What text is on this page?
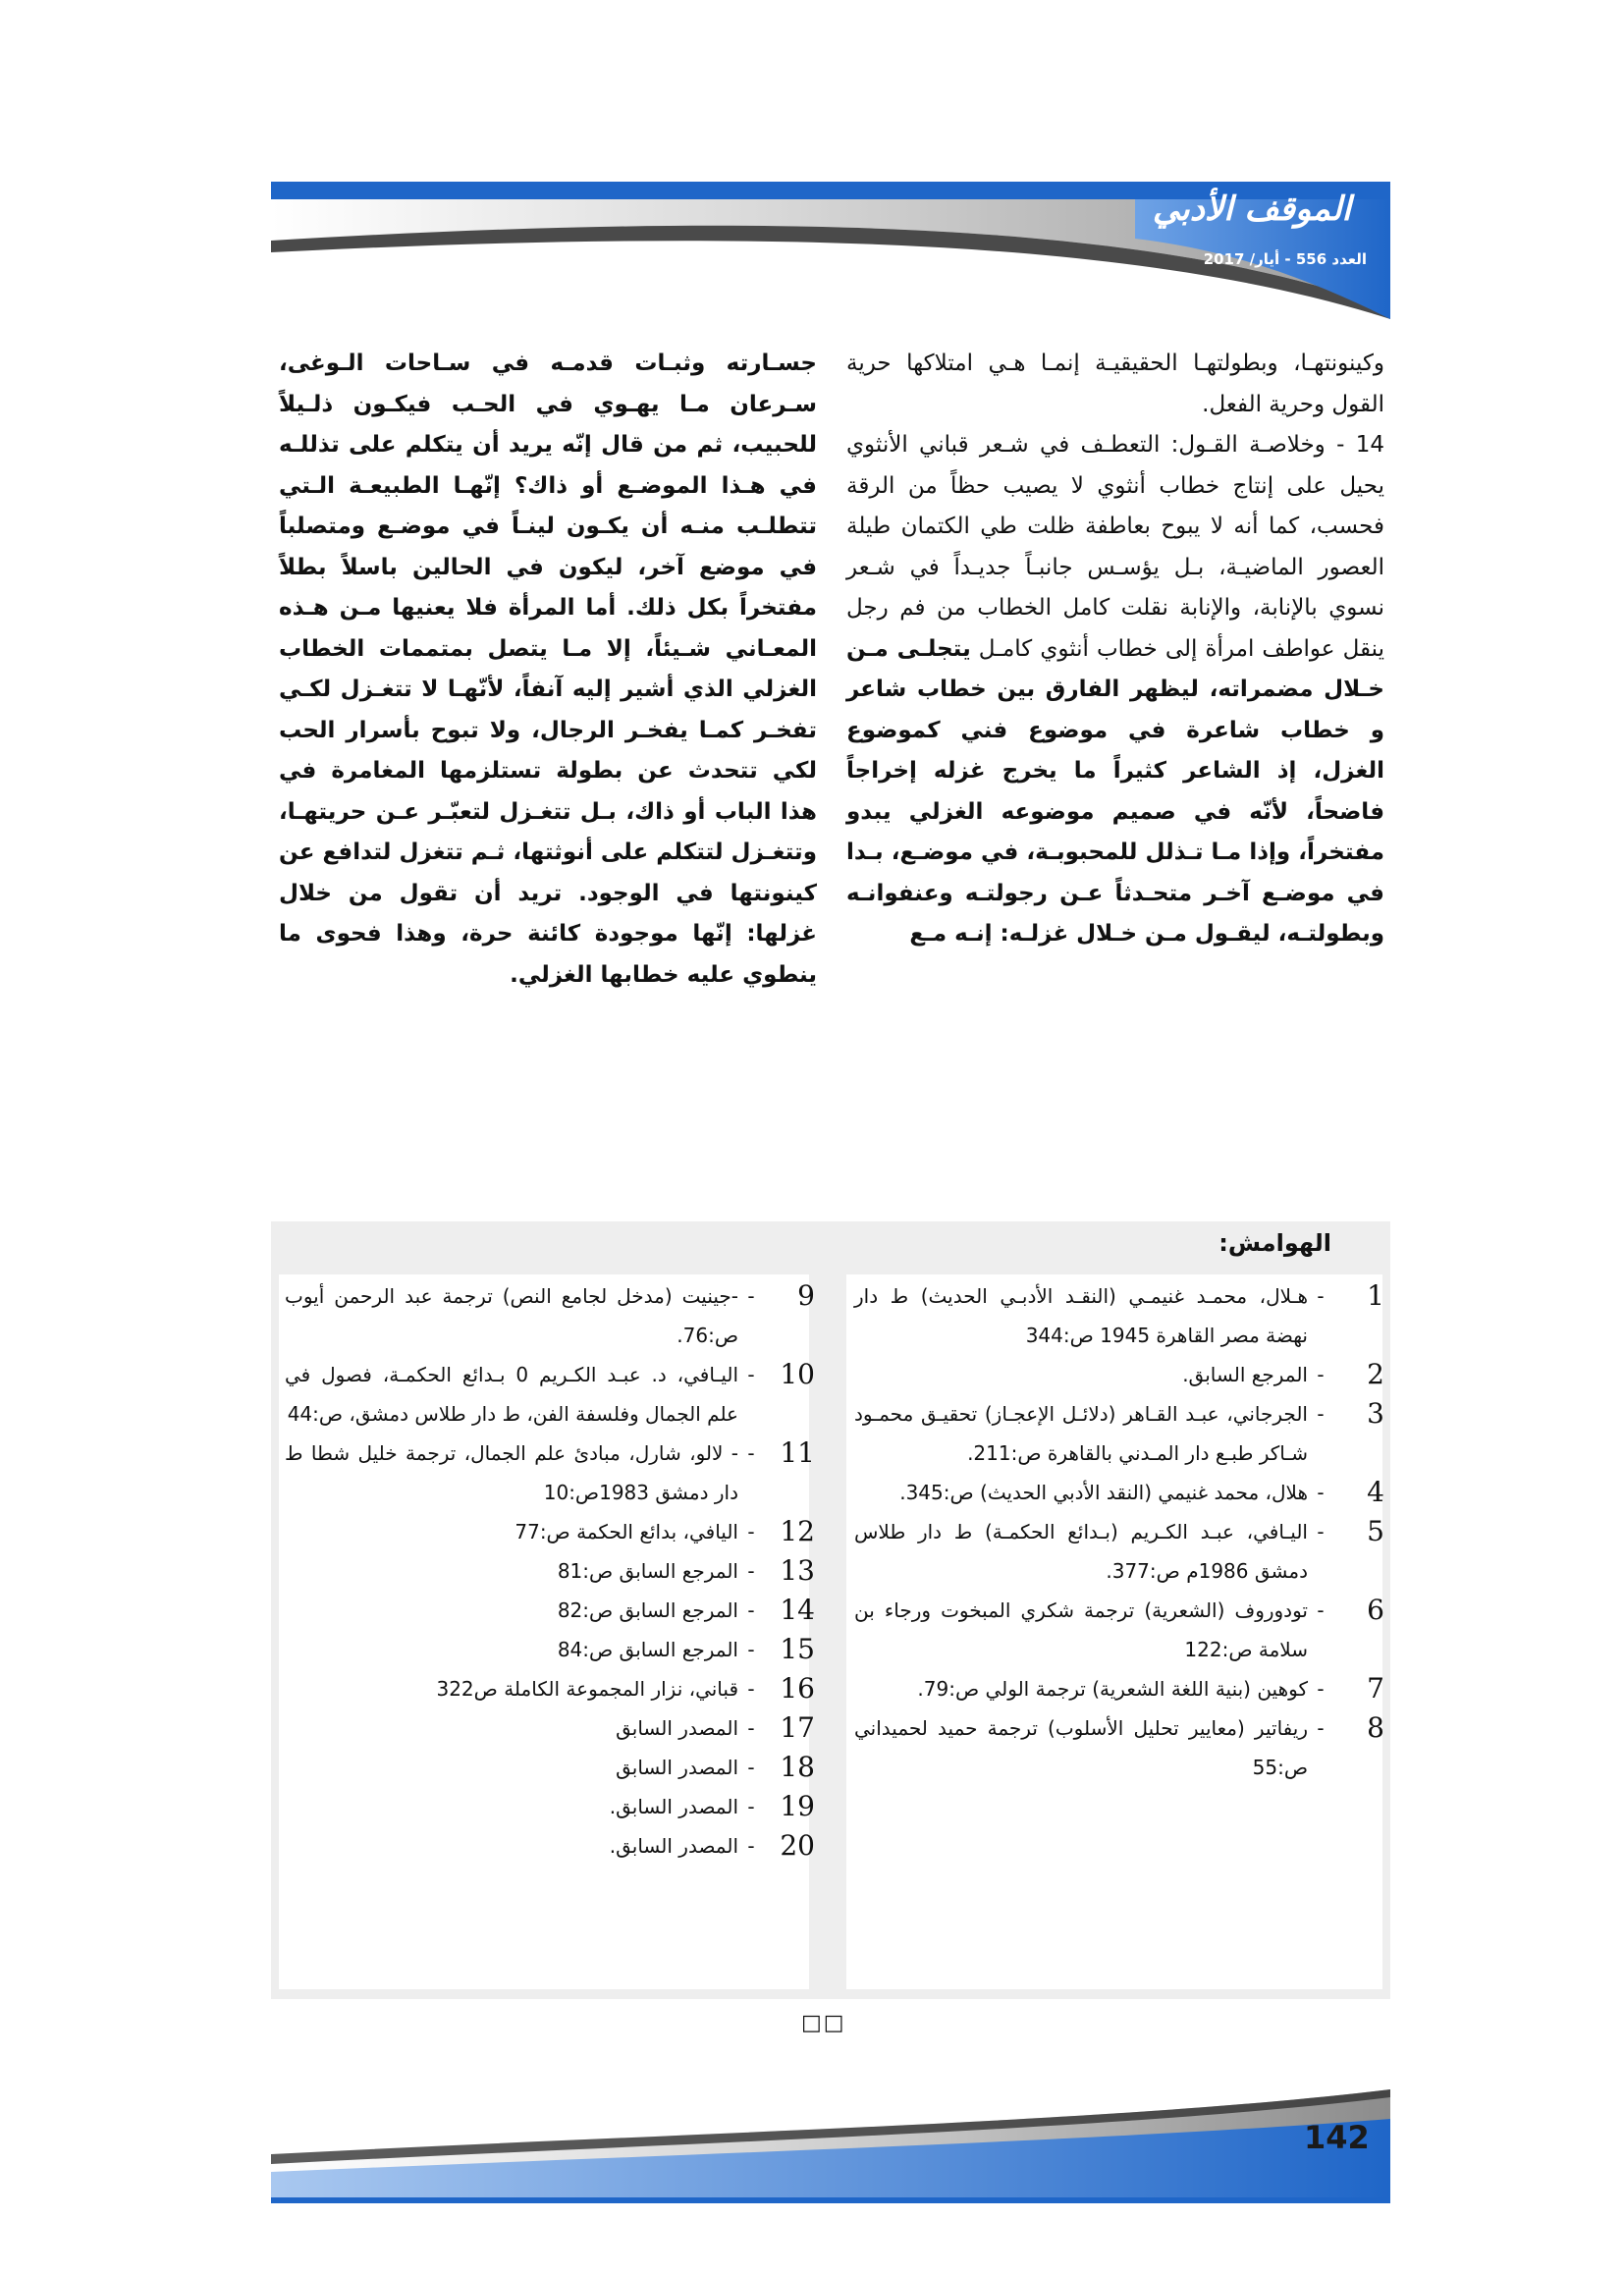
الموقف الأدبي
العدد 556 - أيار/ 2017

وكينونتهـا، وبطولتهـا الحقيقيـة إنمـا هـي امتلاكها حرية القول وحرية الفعل.

14 - وخلاصـة القـول: التعطـف في شـعر قباني الأنثوي يحيل على إنتاج خطاب أنثوي لا يصيب حظاً من الرقة فحسب، كما أنه لا يبوح بعاطفة ظلت طي الكتمان طيلة العصور الماضيـة، بـل يؤسـس جانبـاً جديـداً في شـعر نسوي بالإنابة، والإنابة نقلت كامل الخطاب من فم رجل ينقل عواطف امرأة إلى خطاب أنثوي كامـل يتجلـى مـن خـلال مضمراته، ليظهر الفارق بين خطاب شاعر و خطاب شاعرة في موضوع فني كموضوع الغزل، إذ الشاعر كثيراً ما يخرج غزله إخراجاً فاضحاً، لأنّه في صميم موضوعه الغزلي يبدو مفتخراً، وإذا مـا تـذلل للمحبوبـة، في موضـع، بـدا في موضـع آخـر متحـدثاً عـن رجولتـه وعنفوانـه وبطولتـه، ليقـول مـن خـلال غزلـه: إنـه مـع

جسـارته وثبـات قدمـه في سـاحات الـوغى، سـرعان مـا يهـوي في الحـب فيكـون ذلـيلاً للحبيب، ثم من قال إنّه يريد أن يتكلم على تذللـه في هـذا الموضـع أو ذاك؟ إنّهـا الطبيعـة الـتي تتطلـب منـه أن يكـون لينـاً في موضـع ومتصلباً في موضع آخر، ليكون في الحالين باسلاً بطلاً مفتخراً بكل ذلك. أما المرأة فلا يعنيها مـن هـذه المعـاني شـيئاً، إلا مـا يتصل بمتممات الخطاب الغزلي الذي أشير إليه آنفاً، لأنّهـا لا تتغـزل لكـي تفخـر كمـا يفخـر الرجال، ولا تبوح بأسرار الحب لكي تتحدث عن بطولة تستلزمها المغامرة في هذا الباب أو ذاك، بـل تتغـزل لتعبّـر عـن حريتهـا، وتتغـزل لتتكلم على أنوثتها، ثـم تتغزل لتدافع عن كينونتها في الوجود. تريد أن تقول من خلال غزلها: إنّها موجودة كائنة حرة، وهذا فحوى ما ينطوي عليه خطابها الغزلي.

الهوامش:
1
-
هـلال، محمـد غنيمـي (النقـد الأدبـي الحديث) ط دار نهضة مصر القاهرة 1945 ص:344
2
-
المرجع السابق.
3
-
الجرجاني، عبـد القـاهر (دلائـل الإعجـاز) تحقيـق محمـود شـاكر طبـع دار المـدني بالقاهرة ص:211.
4
-
هلال، محمد غنيمي (النقد الأدبي الحديث) ص:345.
5
-
اليـافي، عبـد الكـريم (بـدائع الحكمـة) ط دار طلاس دمشق 1986م ص:377.
6
-
تودوروف (الشعرية) ترجمة شكري المبخوت ورجاء بن سلامة ص:122
7
-
كوهين (بنية اللغة الشعرية) ترجمة الولي ص:79.
8
-
ريفاتير (معايير تحليل الأسلوب) ترجمة حميد لحميداني ص:55
9
-
-جينيت (مدخل لجامع النص) ترجمة عبد الرحمن أيوب ص:76.
10
-
اليـافي، د. عبـد الكـريم 0 بـدائع الحكمـة، فصول في علم الجمال وفلسفة الفن، ط دار طلاس دمشق، ص:44
11
-
- لالو، شارل، مبادئ علم الجمال، ترجمة خليل شطا ط دار دمشق 1983ص:10
12
-
اليافي، بدائع الحكمة ص:77
13
-
المرجع السابق ص:81
14
-
المرجع السابق ص:82
15
-
المرجع السابق ص:84
16
-
قباني، نزار المجموعة الكاملة ص322
17
-
المصدر السابق
18
-
المصدر السابق
19
-
المصدر السابق.
20
-
المصدر السابق.
□□
142
